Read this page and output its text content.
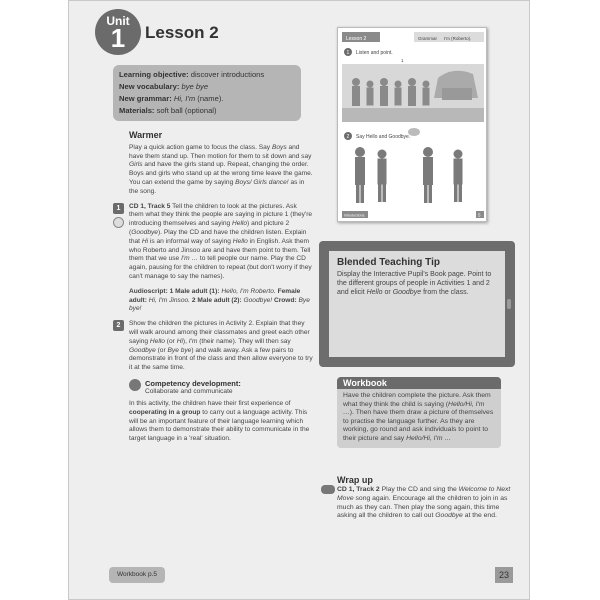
Unit
1	Lesson 2
Learning objective: discover introductions
New vocabulary: bye bye
New grammar: Hi, I'm (name).
Materials: soft ball (optional)
Warmer
Play a quick action game to focus the class. Say Boys and have them stand up. Then motion for them to sit down and say Girls and have the girls stand up. Repeat, changing the order. Boys and girls who stand up at the wrong time leave the game. You can extend the game by saying Boys/ Girls dance! as in the song.
1	CD 1, Track 5 Tell the children to look at the pictures. Ask them what they think the people are saying in picture 1 (they're introducing themselves and saying Hello) and picture 2 (Goodbye). Play the CD and have the children listen. Explain that Hi is an informal way of saying Hello in English. Ask them who Roberto and Jinsoo are and have them point to them. Tell them that we use I'm … to tell people our name. Play the CD again, pausing for the children to repeat (but don't worry if they can't manage to say the names).
Audioscript: 1 Male adult (1): Hello, I'm Roberto. Female adult: Hi, I'm Jinsoo. 2 Male adult (2): Goodbye! Crowd: Bye bye!
2	Show the children the pictures in Activity 2. Explain that they will walk around among their classmates and greet each other saying Hello (or Hi), I'm (their name). They will then say Goodbye (or Bye bye) and walk away. Ask a few pairs to demonstrate in front of the class and then allow everyone to try it at the same time.
Competency development:
Collaborate and communicate
In this activity, the children have their first experience of cooperating in a group to carry out a language activity. This will be an important feature of their language learning which allows them to demonstrate their ability to communicate in the target language in a 'real' situation.
Lesson 2	Grammar I'm (Roberto).
1 Listen and point.
1
2 Say Hello and Goodbye.
introductions	5
Blended Teaching Tip
Display the Interactive Pupil's Book page. Point to the different groups of people in Activities 1 and 2 and elicit Hello or Goodbye from the class.
Workbook
Have the children complete the picture. Ask them what they think the child is saying (Hello/Hi, I'm …). Then have them draw a picture of themselves to practise the language further. As they are working, go round and ask individuals to point to their picture and say Hello/Hi, I'm …
Wrap up
CD 1, Track 2 Play the CD and sing the Welcome to Next Move song again. Encourage all the children to join in as much as they can. Then play the song again, this time asking all the children to call out Goodbye at the end.
Workbook p.5	23
